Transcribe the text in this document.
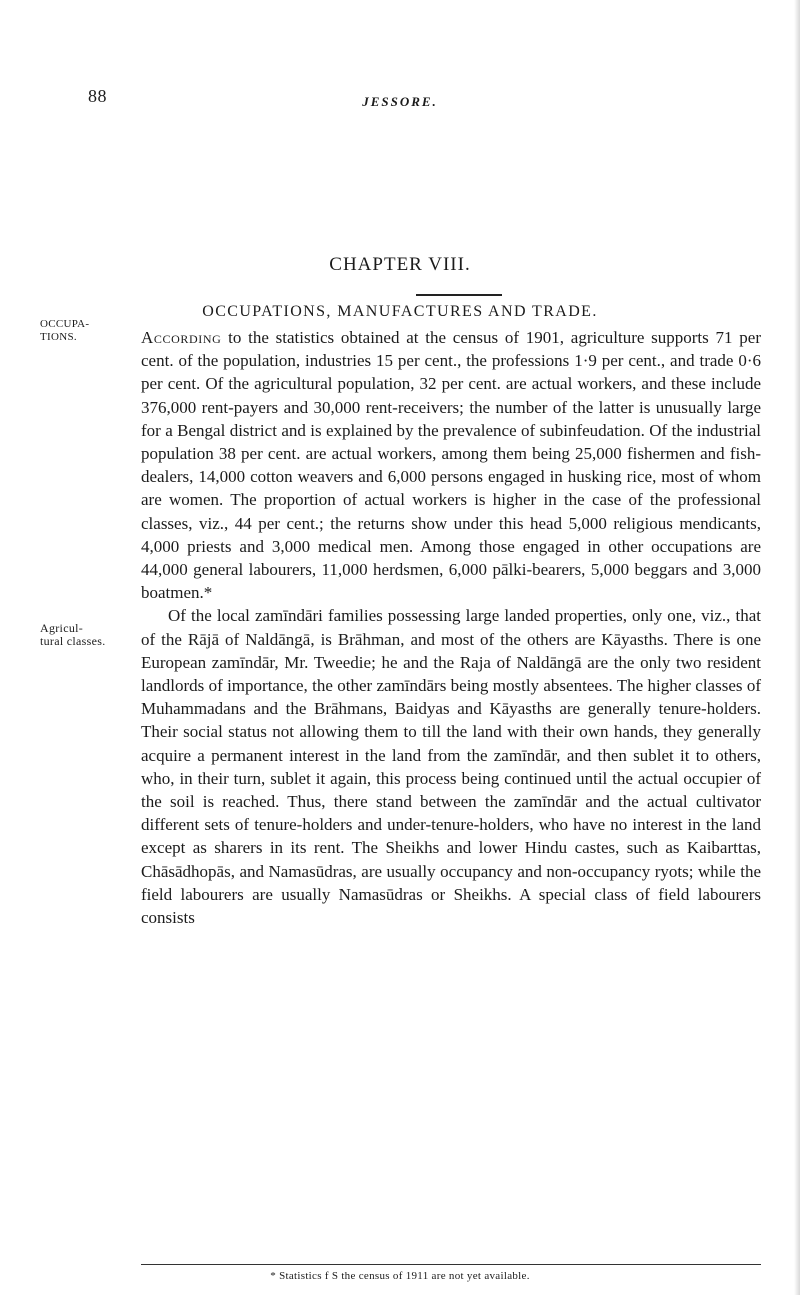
88	JESSORE.
CHAPTER VIII.
OCCUPATIONS, MANUFACTURES AND TRADE.
OCCUPA-TIONS.
Agricul-tural classes.

According to the statistics obtained at the census of 1901, agriculture supports 71 per cent. of the population, industries 15 per cent., the professions 1·9 per cent., and trade 0·6 per cent. Of the agricultural population, 32 per cent. are actual workers, and these include 376,000 rent-payers and 30,000 rent-receivers; the number of the latter is unusually large for a Bengal district and is explained by the prevalence of subinfeudation. Of the industrial population 38 per cent. are actual workers, among them being 25,000 fishermen and fish-dealers, 14,000 cotton weavers and 6,000 persons engaged in husking rice, most of whom are women. The proportion of actual workers is higher in the case of the professional classes, viz., 44 per cent.; the returns show under this head 5,000 religious mendicants, 4,000 priests and 3,000 medical men. Among those engaged in other occupations are 44,000 general labourers, 11,000 herdsmen, 6,000 pālki-bearers, 5,000 beggars and 3,000 boatmen.*

Of the local zamīndāri families possessing large landed properties, only one, viz., that of the Rājā of Naldāngā, is Brāhman, and most of the others are Kāyasths. There is one European zamīndār, Mr. Tweedie; he and the Raja of Naldāngā are the only two resident landlords of importance, the other zamīndārs being mostly absentees. The higher classes of Muhammadans and the Brāhmans, Baidyas and Kāyasths are generally tenure-holders. Their social status not allowing them to till the land with their own hands, they generally acquire a permanent interest in the land from the zamīndār, and then sublet it to others, who, in their turn, sublet it again, this process being continued until the actual occupier of the soil is reached. Thus, there stand between the zamīndār and the actual cultivator different sets of tenure-holders and under-tenure-holders, who have no interest in the land except as sharers in its rent. The Sheikhs and lower Hindu castes, such as Kaibarttas, Chāsādhopās, and Namasūdras, are usually occupancy and non-occupancy ryots; while the field labourers are usually Namasūdras or Sheikhs. A special class of field labourers consists

* Statistics f S the census of 1911 are not yet available.
